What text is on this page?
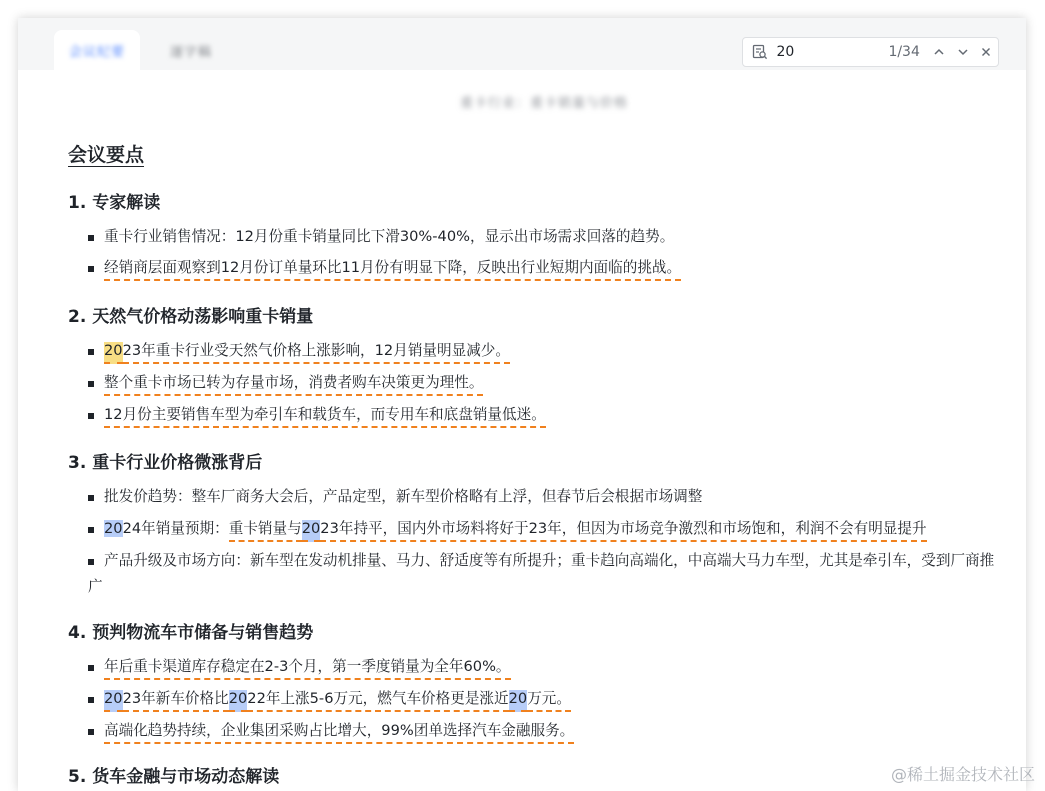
会议纪要	逐字稿
20	1/34
重卡行业：重卡销量与价格
会议要点
1. 专家解读
重卡行业销售情况：12月份重卡销量同比下滑30%-40%，显示出市场需求回落的趋势。
经销商层面观察到12月份订单量环比11月份有明显下降，反映出行业短期内面临的挑战。
2. 天然气价格动荡影响重卡销量
2023年重卡行业受天然气价格上涨影响，12月销量明显减少。
整个重卡市场已转为存量市场，消费者购车决策更为理性。
12月份主要销售车型为牵引车和载货车，而专用车和底盘销量低迷。
3. 重卡行业价格微涨背后
批发价趋势：整车厂商务大会后，产品定型，新车型价格略有上浮，但春节后会根据市场调整
2024年销量预期：重卡销量与2023年持平，国内外市场料将好于23年，但因为市场竞争激烈和市场饱和，利润不会有明显提升
产品升级及市场方向：新车型在发动机排量、马力、舒适度等有所提升；重卡趋向高端化，中高端大马力车型，尤其是牵引车，受到厂商推广
4. 预判物流车市储备与销售趋势
年后重卡渠道库存稳定在2-3个月，第一季度销量为全年60%。
2023年新车价格比2022年上涨5-6万元，燃气车价格更是涨近20万元。
高端化趋势持续，企业集团采购占比增大，99%团单选择汽车金融服务。
5. 货车金融与市场动态解读	@稀土掘金技术社区
